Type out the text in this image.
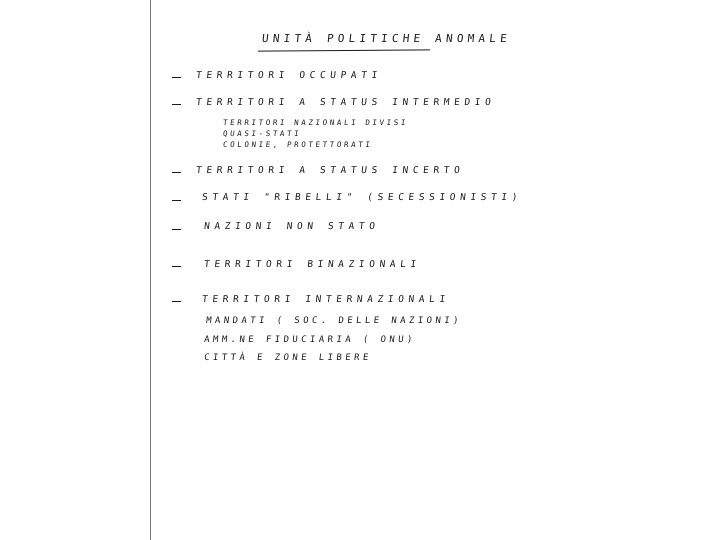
UNITÀ POLITICHE ANOMALE
TERRITORI OCCUPATI
TERRITORI A STATUS INTERMEDIO
TERRITORI NAZIONALI DIVISI
QUASI-STATI
COLONIE, PROTETTORATI
TERRITORI A STATUS INCERTO
STATI "RIBELLI" (SECESSIONISTI)
NAZIONI NON STATO
TERRITORI BINAZIONALI
TERRITORI INTERNAZIONALI
MANDATI ( SOC. DELLE NAZIONI)
AMM.NE FIDUCIARIA ( ONU)
CITTÀ E ZONE LIBERE
